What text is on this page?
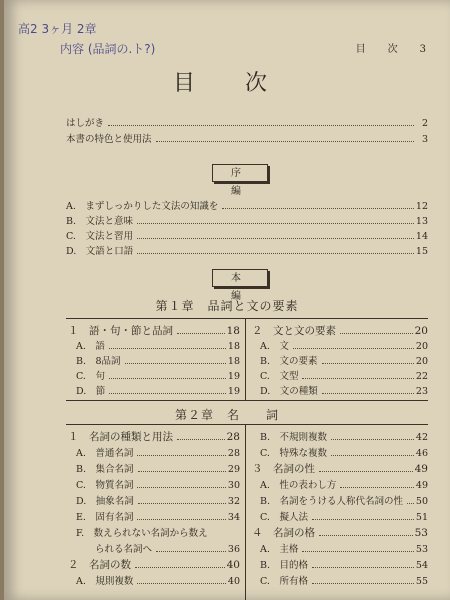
高2 3ヶ月 2章
内容 (品詞の.ト?)	目　次　3
目　次
はしがき	2
本書の特色と使用法	3
序　編
A.　まずしっかりした文法の知識を	12
B.　文法と意味	13
C.　文法と習用	14
D.　文語と口語	15
本　編
第１章　品詞と文の要素
第２章　名　　詞
１　語・句・節と品詞	18
A.　語	18
B.　8品詞	18
C.　句	19
D.　節	19
２　文と文の要素	20
A.　文	20
B.　文の要素	20
C.　文型	22
D.　文の種類	23
１　名詞の種類と用法	28
A.　普通名詞	28
B.　集合名詞	29
C.　物質名詞	30
D.　抽象名詞	32
E.　固有名詞	34
F.　数えられない名詞から数え
　　られる名詞へ	36
２　名詞の数	40
A.　規則複数	40
B.　不規則複数	42
C.　特殊な複数	46
３　名詞の性	49
A.　性の表わし方	49
B.　名詞をうける人称代名詞の性 50
C.　擬人法	51
４　名詞の格	53
A.　主格	53
B.　目的格	54
C.　所有格	55
